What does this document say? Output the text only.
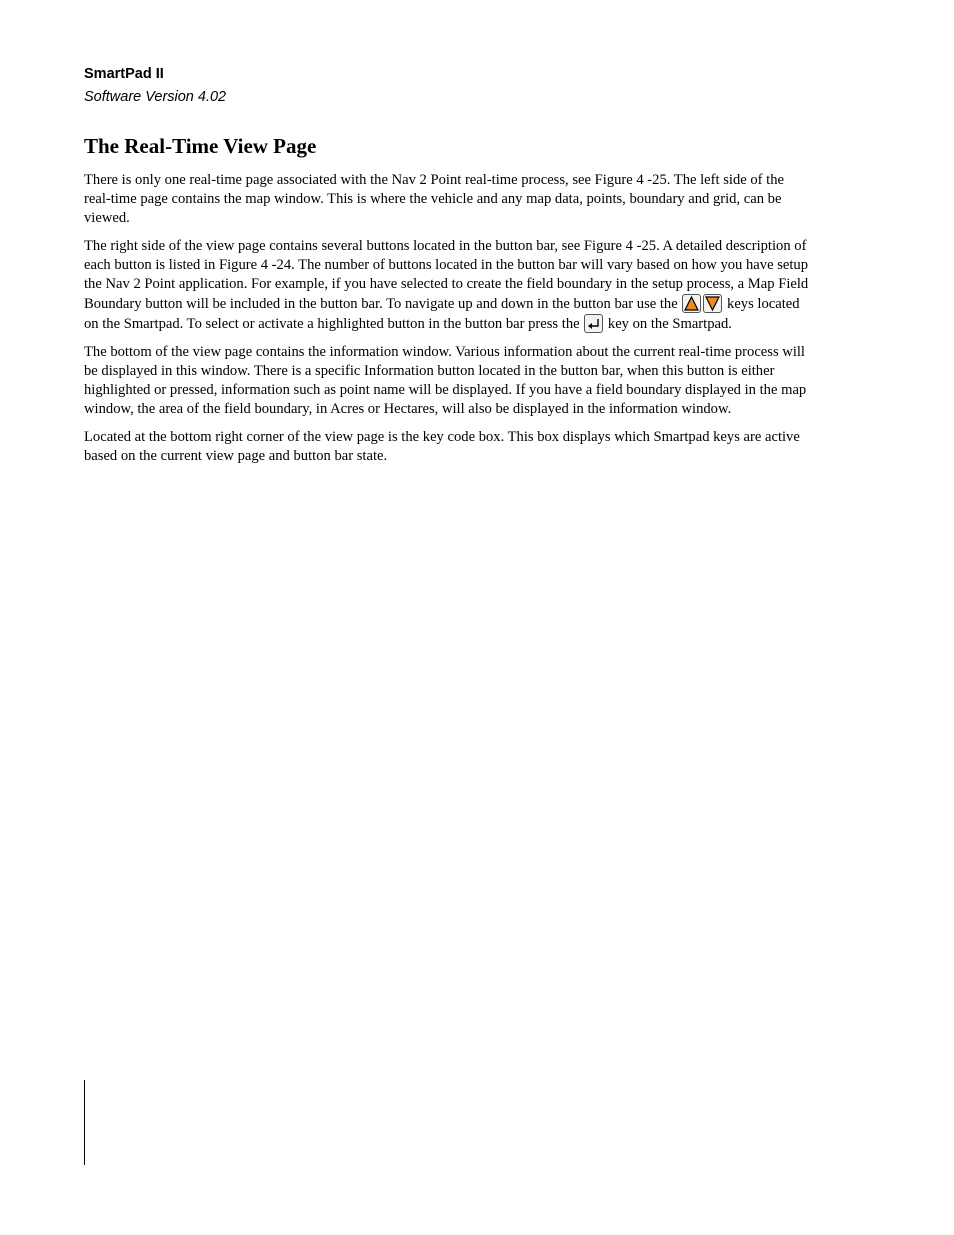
SmartPad II
Software Version 4.02
The Real-Time View Page

There is only one real-time page associated with the Nav 2 Point real-time process, see Figure 4 -25. The left side of the real-time page contains the map window. This is where the vehicle and any map data, points, boundary and grid, can be viewed.

The right side of the view page contains several buttons located in the button bar, see Figure 4 -25. A detailed description of each button is listed in Figure 4 -24. The number of buttons located in the button bar will vary based on how you have setup the Nav 2 Point application. For example, if you have selected to create the field boundary in the setup process, a Map Field Boundary button will be included in the button bar. To navigate up and down in the button bar use the	keys located on the Smartpad. To select or activate a highlighted button in the button bar press the key on the Smartpad.

The bottom of the view page contains the information window. Various information about the current real-time process will be displayed in this window. There is a specific Information button located in the button bar, when this button is either highlighted or pressed, information such as point name will be displayed. If you have a field boundary displayed in the map window, the area of the field boundary, in Acres or Hectares, will also be displayed in the information window.

Located at the bottom right corner of the view page is the key code box. This box displays which Smartpad keys are active based on the current view page and button bar state.
